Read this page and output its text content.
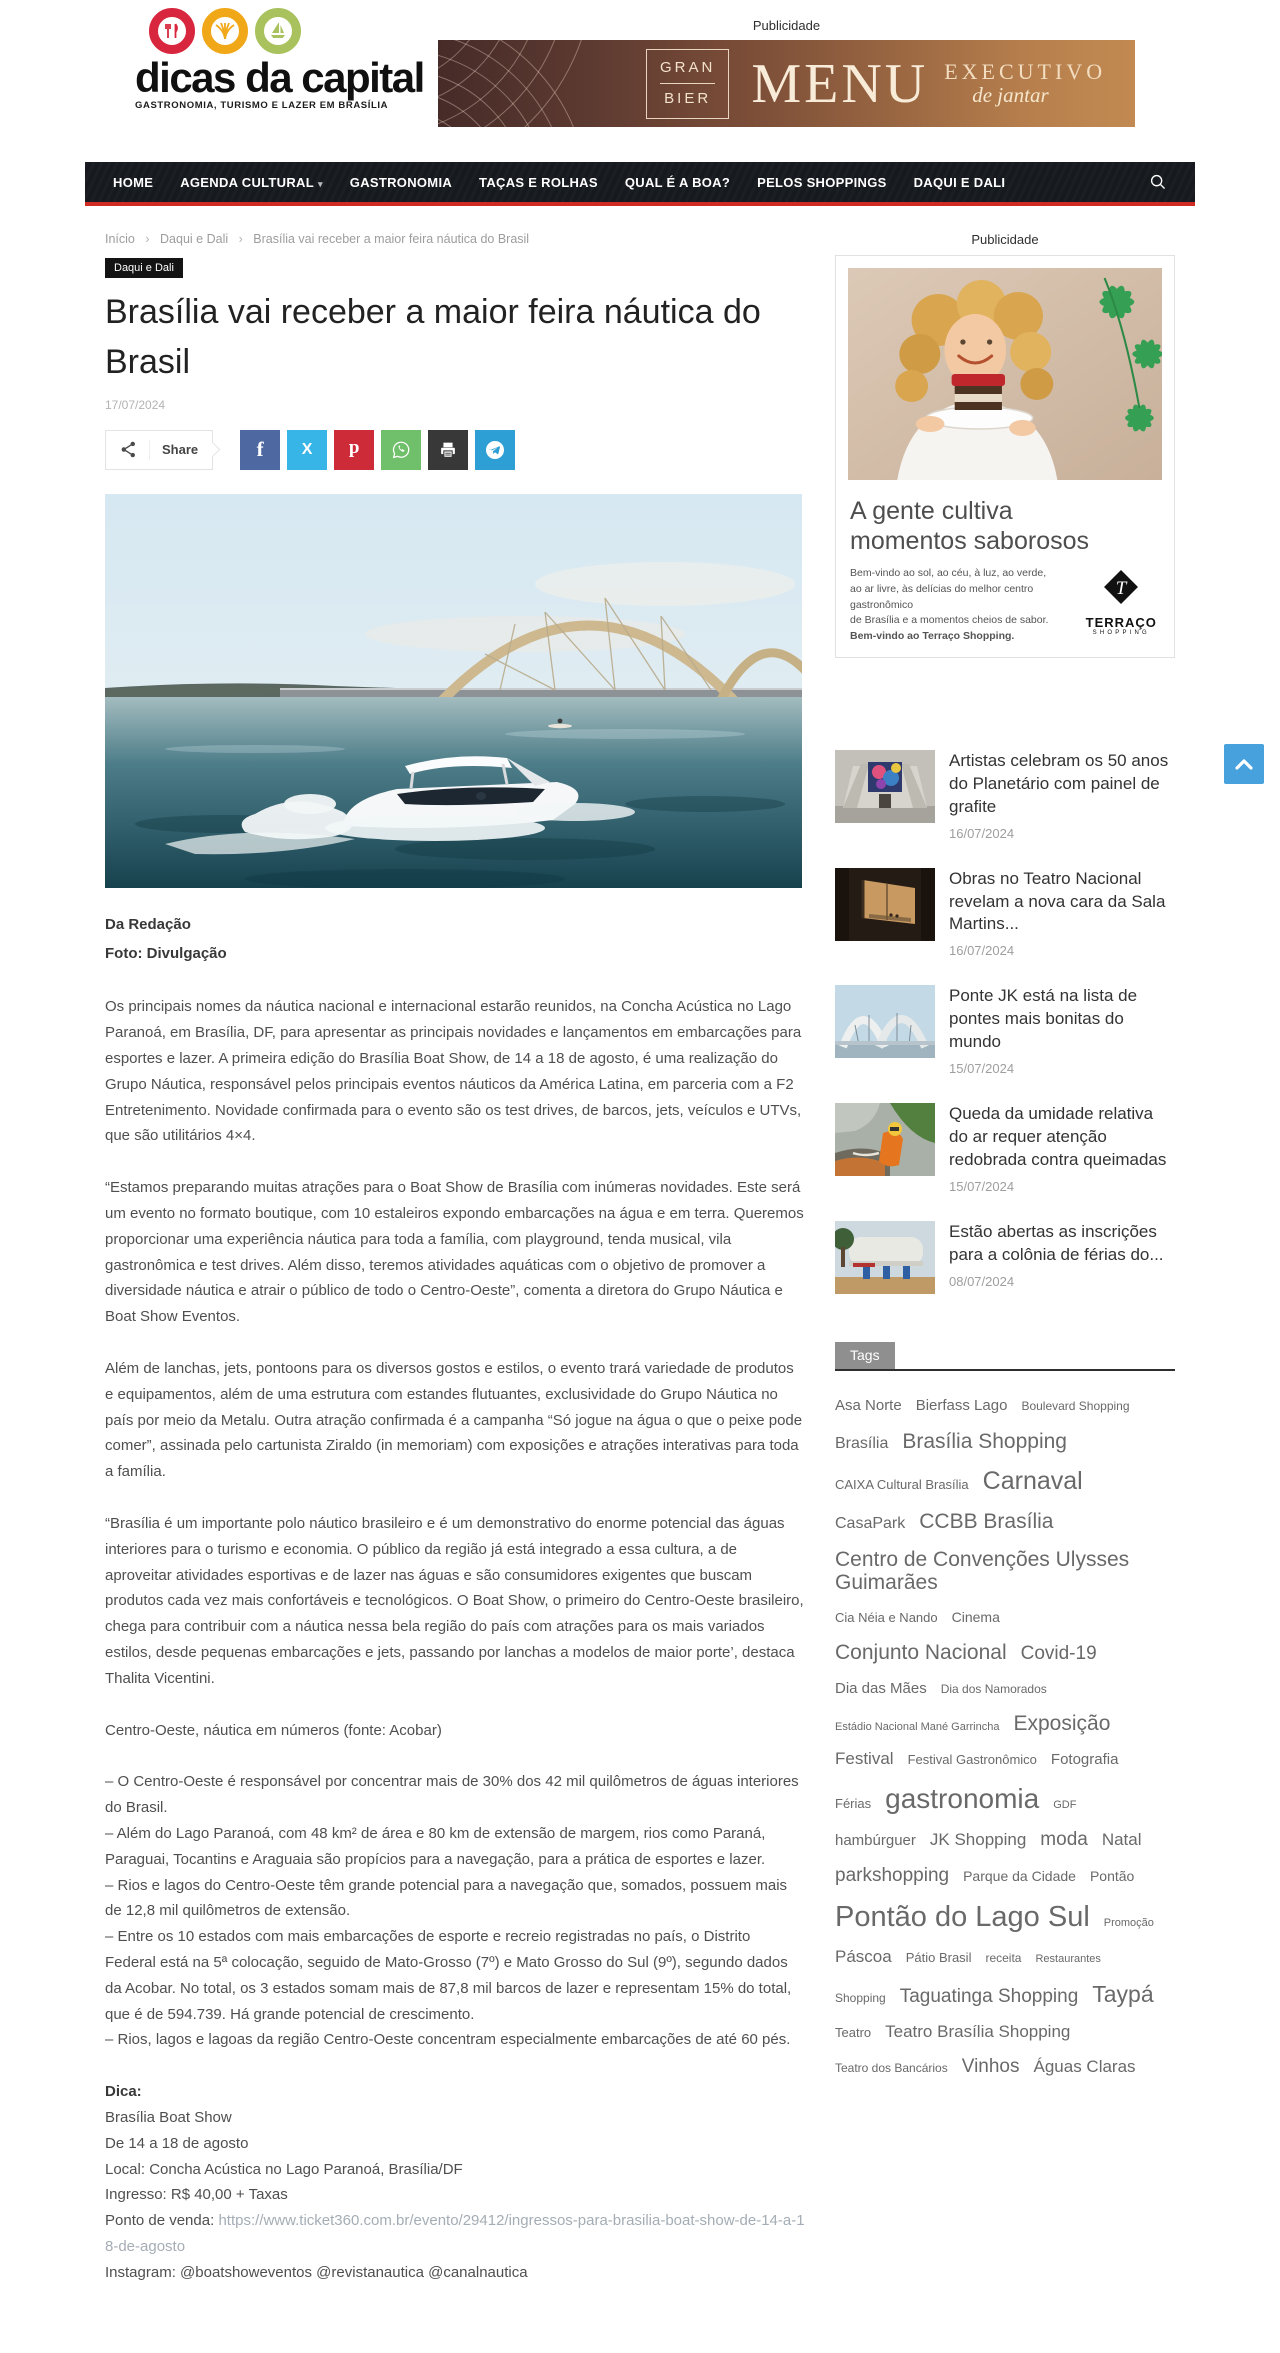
dicas da capital
GASTRONOMIA, TURISMO E LAZER EM BRASÍLIA
Publicidade
GRAN
BIER MENU EXECUTIVO
de jantar
HOME AGENDA CULTURAL ▾ GASTRONOMIA TAÇAS E ROLHAS QUAL É A BOA? PELOS SHOPPINGS DAQUI E DALI
Início › Daqui e Dali › Brasília vai receber a maior feira náutica do Brasil
Daqui e Dali
Brasília vai receber a maior feira náutica do Brasil
17/07/2024
Share	f X p
Da Redação
Foto: Divulgação

Os principais nomes da náutica nacional e internacional estarão reunidos, na Concha Acústica no Lago Paranoá, em Brasília, DF, para apresentar as principais novidades e lançamentos em embarcações para esportes e lazer. A primeira edição do Brasília Boat Show, de 14 a 18 de agosto, é uma realização do Grupo Náutica, responsável pelos principais eventos náuticos da América Latina, em parceria com a F2 Entretenimento. Novidade confirmada para o evento são os test drives, de barcos, jets, veículos e UTVs, que são utilitários 4×4.

“Estamos preparando muitas atrações para o Boat Show de Brasília com inúmeras novidades. Este será um evento no formato boutique, com 10 estaleiros expondo embarcações na água e em terra. Queremos proporcionar uma experiência náutica para toda a família, com playground, tenda musical, vila gastronômica e test drives. Além disso, teremos atividades aquáticas com o objetivo de promover a diversidade náutica e atrair o público de todo o Centro-Oeste”, comenta a diretora do Grupo Náutica e Boat Show Eventos.

Além de lanchas, jets, pontoons para os diversos gostos e estilos, o evento trará variedade de produtos e equipamentos, além de uma estrutura com estandes flutuantes, exclusividade do Grupo Náutica no país por meio da Metalu. Outra atração confirmada é a campanha “Só jogue na água o que o peixe pode comer”, assinada pelo cartunista Ziraldo (in memoriam) com exposições e atrações interativas para toda a família.

“Brasília é um importante polo náutico brasileiro e é um demonstrativo do enorme potencial das águas interiores para o turismo e economia. O público da região já está integrado a essa cultura, a de aproveitar atividades esportivas e de lazer nas águas e são consumidores exigentes que buscam produtos cada vez mais confortáveis e tecnológicos. O Boat Show, o primeiro do Centro-Oeste brasileiro, chega para contribuir com a náutica nessa bela região do país com atrações para os mais variados estilos, desde pequenas embarcações e jets, passando por lanchas a modelos de maior porte’, destaca Thalita Vicentini.

Centro-Oeste, náutica em números (fonte: Acobar)

– O Centro-Oeste é responsável por concentrar mais de 30% dos 42 mil quilômetros de águas interiores do Brasil.
– Além do Lago Paranoá, com 48 km² de área e 80 km de extensão de margem, rios como Paraná, Paraguai, Tocantins e Araguaia são propícios para a navegação, para a prática de esportes e lazer.
– Rios e lagos do Centro-Oeste têm grande potencial para a navegação que, somados, possuem mais de 12,8 mil quilômetros de extensão.
– Entre os 10 estados com mais embarcações de esporte e recreio registradas no país, o Distrito Federal está na 5ª colocação, seguido de Mato-Grosso (7º) e Mato Grosso do Sul (9º), segundo dados da Acobar. No total, os 3 estados somam mais de 87,8 mil barcos de lazer e representam 15% do total, que é de 594.739. Há grande potencial de crescimento.
– Rios, lagos e lagoas da região Centro-Oeste concentram especialmente embarcações de até 60 pés.

Dica:
Brasília Boat Show
De 14 a 18 de agosto
Local: Concha Acústica no Lago Paranoá, Brasília/DF
Ingresso: R$ 40,00 + Taxas
Ponto de venda: https://www.ticket360.com.br/evento/29412/ingressos-para-brasilia-boat-show-de-14-a-18-de-agosto
Instagram: @boatshoweventos @revistanautica @canalnautica
Publicidade
A gente cultiva
momentos saborosos
Bem-vindo ao sol, ao céu, à luz, ao verde,
ao ar livre, às delícias do melhor centro gastronômico
de Brasília e a momentos cheios de sabor.
Bem-vindo ao Terraço Shopping.
T
TERRAÇO
SHOPPING
Artistas celebram os 50 anos do Planetário com painel de grafite
16/07/2024
Obras no Teatro Nacional revelam a nova cara da Sala Martins...
16/07/2024
Ponte JK está na lista de pontes mais bonitas do mundo
15/07/2024
Queda da umidade relativa do ar requer atenção redobrada contra queimadas
15/07/2024
Estão abertas as inscrições para a colônia de férias do...
08/07/2024
Tags
Asa Norte Bierfass Lago Boulevard ShoppingBrasília Brasília ShoppingCAIXA Cultural Brasília CarnavalCasaPark CCBB BrasíliaCentro de Convenções Ulysses GuimarãesCia Néia e Nando CinemaConjunto Nacional Covid-19Dia das Mães Dia dos NamoradosEstádio Nacional Mané Garrincha ExposiçãoFestival Festival Gastronômico FotografiaFérias gastronomia GDFhambúrguer JK Shopping moda Natalparkshopping Parque da Cidade PontãoPontão do Lago Sul PromoçãoPáscoa Pátio Brasil receita RestaurantesShopping Taguatinga Shopping TaypáTeatro Teatro Brasília ShoppingTeatro dos Bancários Vinhos Águas Claras
